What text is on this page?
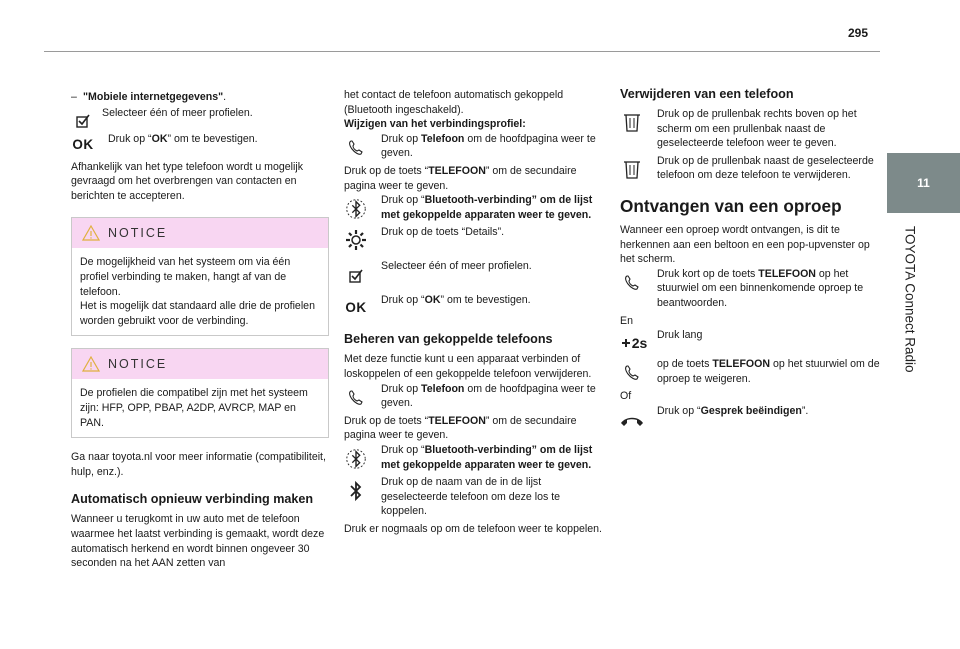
295
11
TOYOTA Connect Radio
– "Mobiele internetgegevens".
Selecteer één of meer profielen.
OK Druk op “OK” om te bevestigen.

Afhankelijk van het type telefoon wordt u mogelijk gevraagd om het overbrengen van contacten en berichten te accepteren.

NOTICE

De mogelijkheid van het systeem om via één profiel verbinding te maken, hangt af van de telefoon.

Het is mogelijk dat standaard alle drie de profielen worden gebruikt voor de verbinding.

NOTICE

De profielen die compatibel zijn met het systeem zijn: HFP, OPP, PBAP, A2DP, AVRCP, MAP en PAN.

Ga naar toyota.nl voor meer informatie (compatibiliteit, hulp, enz.).

Automatisch opnieuw verbinding maken

Wanneer u terugkomt in uw auto met de telefoon waarmee het laatst verbinding is gemaakt, wordt deze automatisch herkend en wordt binnen ongeveer 30 seconden na het AAN zetten van

het contact de telefoon automatisch gekoppeld (Bluetooth ingeschakeld).

Wijzigen van het verbindingsprofiel:

Druk op Telefoon om de hoofdpagina weer te geven.

Druk op de toets “TELEFOON” om de secundaire pagina weer te geven.

Druk op “Bluetooth-verbinding” om de lijst met gekoppelde apparaten weer te geven.
Druk op de toets “Details”.
Selecteer één of meer profielen.
OK Druk op “OK” om te bevestigen.
Beheren van gekoppelde telefoons

Met deze functie kunt u een apparaat verbinden of loskoppelen of een gekoppelde telefoon verwijderen.

Druk op Telefoon om de hoofdpagina weer te geven.

Druk op de toets “TELEFOON” om de secundaire pagina weer te geven.

Druk op “Bluetooth-verbinding” om de lijst met gekoppelde apparaten weer te geven.
Druk op de naam van de in de lijst geselecteerde telefoon om deze los te koppelen.

Druk er nogmaals op om de telefoon weer te koppelen.

Verwijderen van een telefoon
Druk op de prullenbak rechts boven op het scherm om een prullenbak naast de geselecteerde telefoon weer te geven.
Druk op de prullenbak naast de geselecteerde telefoon om deze telefoon te verwijderen.
Ontvangen van een oproep

Wanneer een oproep wordt ontvangen, is dit te herkennen aan een beltoon en een pop-upvenster op het scherm.

Druk kort op de toets TELEFOON op het stuurwiel om een binnenkomende oproep te beantwoorden.

En

2s Druk lang
op de toets TELEFOON op het stuurwiel om de oproep te weigeren.

Of

Druk op “Gesprek beëindigen”.
